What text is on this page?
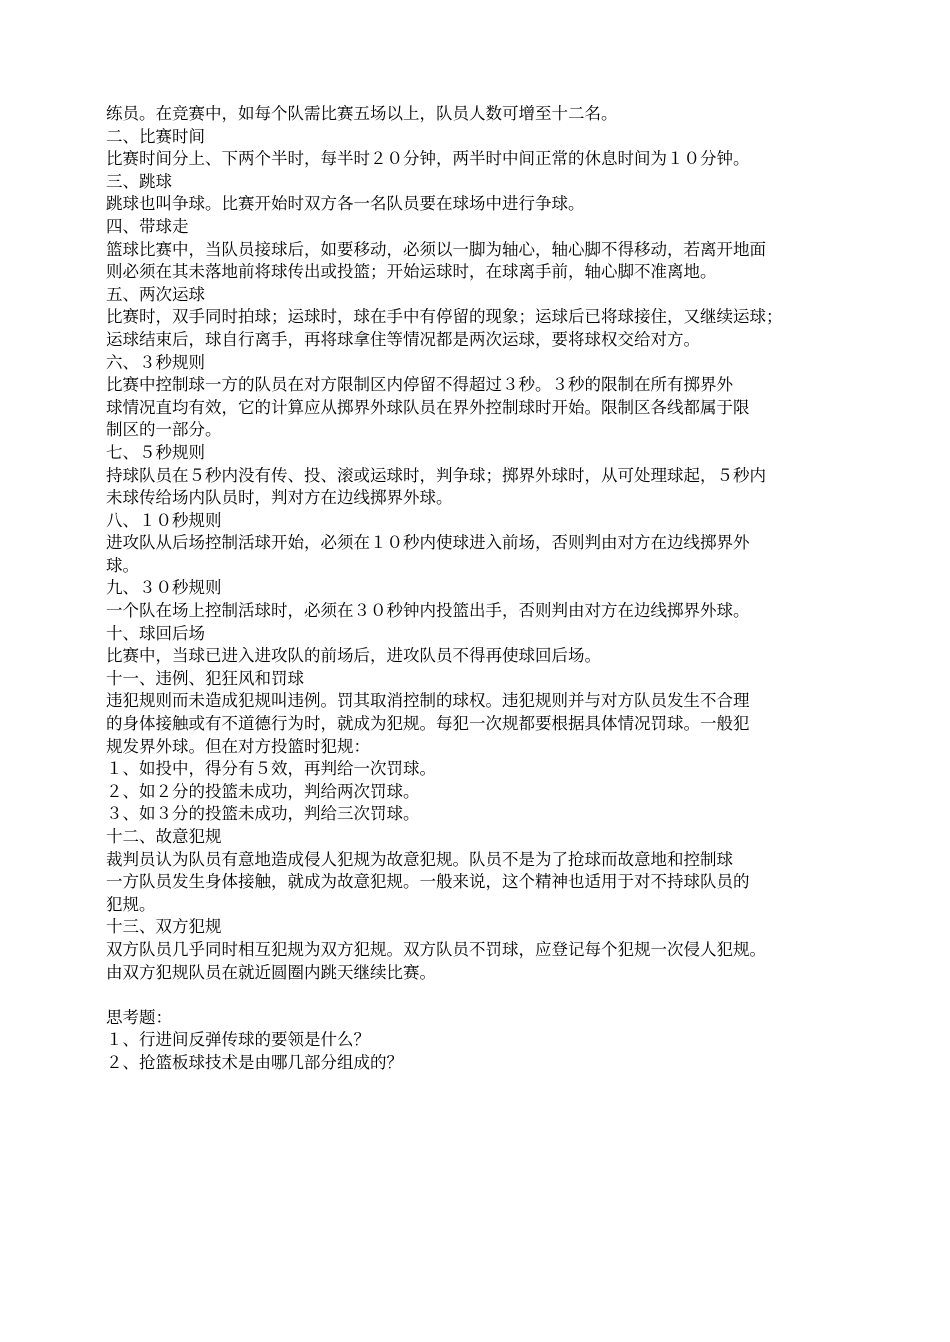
练员。在竞赛中，如每个队需比赛五场以上，队员人数可增至十二名。
二、比赛时间
比赛时间分上、下两个半时，每半时２０分钟，两半时中间正常的休息时间为１０分钟。
三、跳球
跳球也叫争球。比赛开始时双方各一名队员要在球场中进行争球。
四、带球走
篮球比赛中，当队员接球后，如要移动，必须以一脚为轴心，轴心脚不得移动，若离开地面
则必须在其未落地前将球传出或投篮；开始运球时，在球离手前，轴心脚不准离地。
五、两次运球
比赛时，双手同时拍球；运球时，球在手中有停留的现象；运球后已将球接住，又继续运球；
运球结束后，球自行离手，再将球拿住等情况都是两次运球，要将球权交给对方。
六、３秒规则
比赛中控制球一方的队员在对方限制区内停留不得超过３秒。３秒的限制在所有掷界外
球情况直均有效，它的计算应从掷界外球队员在界外控制球时开始。限制区各线都属于限
制区的一部分。
七、５秒规则
持球队员在５秒内没有传、投、滚或运球时，判争球；掷界外球时，从可处理球起，５秒内
未球传给场内队员时，判对方在边线掷界外球。
八、１０秒规则
进攻队从后场控制活球开始，必须在１０秒内使球进入前场，否则判由对方在边线掷界外
球。
九、３０秒规则
一个队在场上控制活球时，必须在３０秒钟内投篮出手，否则判由对方在边线掷界外球。
十、球回后场
比赛中，当球已进入进攻队的前场后，进攻队员不得再使球回后场。
十一、违例、犯狂风和罚球
违犯规则而未造成犯规叫违例。罚其取消控制的球权。违犯规则并与对方队员发生不合理
的身体接触或有不道德行为时，就成为犯规。每犯一次规都要根据具体情况罚球。一般犯
规发界外球。但在对方投篮时犯规：
１、如投中，得分有５效，再判给一次罚球。
２、如２分的投篮未成功，判给两次罚球。
３、如３分的投篮未成功，判给三次罚球。
十二、故意犯规
裁判员认为队员有意地造成侵人犯规为故意犯规。队员不是为了抢球而故意地和控制球
一方队员发生身体接触，就成为故意犯规。一般来说，这个精神也适用于对不持球队员的
犯规。
十三、双方犯规
双方队员几乎同时相互犯规为双方犯规。双方队员不罚球，应登记每个犯规一次侵人犯规。
由双方犯规队员在就近圆圈内跳天继续比赛。
思考题：
１、行进间反弹传球的要领是什么？
２、抢篮板球技术是由哪几部分组成的？
